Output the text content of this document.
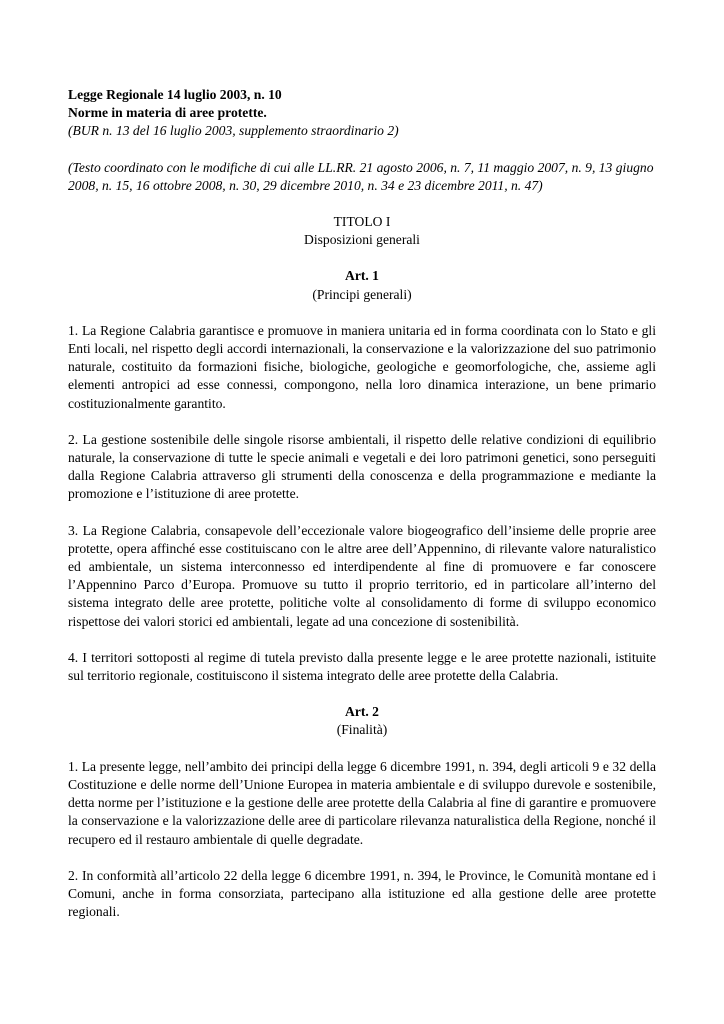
Legge Regionale 14 luglio 2003, n. 10
Norme in materia di aree protette.
(BUR n. 13 del 16 luglio 2003, supplemento straordinario 2)
(Testo coordinato con le modifiche di cui alle LL.RR. 21 agosto 2006, n. 7, 11 maggio 2007, n. 9, 13 giugno 2008, n. 15, 16 ottobre 2008, n. 30, 29 dicembre 2010, n. 34 e 23 dicembre 2011, n. 47)
TITOLO I
Disposizioni generali
Art. 1
(Principi generali)

1. La Regione Calabria garantisce e promuove in maniera unitaria ed in forma coordinata con lo Stato e gli Enti locali, nel rispetto degli accordi internazionali, la conservazione e la valorizzazione del suo patrimonio naturale, costituito da formazioni fisiche, biologiche, geologiche e geomorfologiche, che, assieme agli elementi antropici ad esse connessi, compongono, nella loro dinamica interazione, un bene primario costituzionalmente garantito.

2. La gestione sostenibile delle singole risorse ambientali, il rispetto delle relative condizioni di equilibrio naturale, la conservazione di tutte le specie animali e vegetali e dei loro patrimoni genetici, sono perseguiti dalla Regione Calabria attraverso gli strumenti della conoscenza e della programmazione e mediante la promozione e l’istituzione di aree protette.

3. La Regione Calabria, consapevole dell’eccezionale valore biogeografico dell’insieme delle proprie aree protette, opera affinché esse costituiscano con le altre aree dell’Appennino, di rilevante valore naturalistico ed ambientale, un sistema interconnesso ed interdipendente al fine di promuovere e far conoscere l’Appennino Parco d’Europa. Promuove su tutto il proprio territorio, ed in particolare all’interno del sistema integrato delle aree protette, politiche volte al consolidamento di forme di sviluppo economico rispettose dei valori storici ed ambientali, legate ad una concezione di sostenibilità.

4. I territori sottoposti al regime di tutela previsto dalla presente legge e le aree protette nazionali, istituite sul territorio regionale, costituiscono il sistema integrato delle aree protette della Calabria.

Art. 2
(Finalità)

1. La presente legge, nell’ambito dei principi della legge 6 dicembre 1991, n. 394, degli articoli 9 e 32 della Costituzione e delle norme dell’Unione Europea in materia ambientale e di sviluppo durevole e sostenibile, detta norme per l’istituzione e la gestione delle aree protette della Calabria al fine di garantire e promuovere la conservazione e la valorizzazione delle aree di particolare rilevanza naturalistica della Regione, nonché il recupero ed il restauro ambientale di quelle degradate.

2. In conformità all’articolo 22 della legge 6 dicembre 1991, n. 394, le Province, le Comunità montane ed i Comuni, anche in forma consorziata, partecipano alla istituzione ed alla gestione delle aree protette regionali.
